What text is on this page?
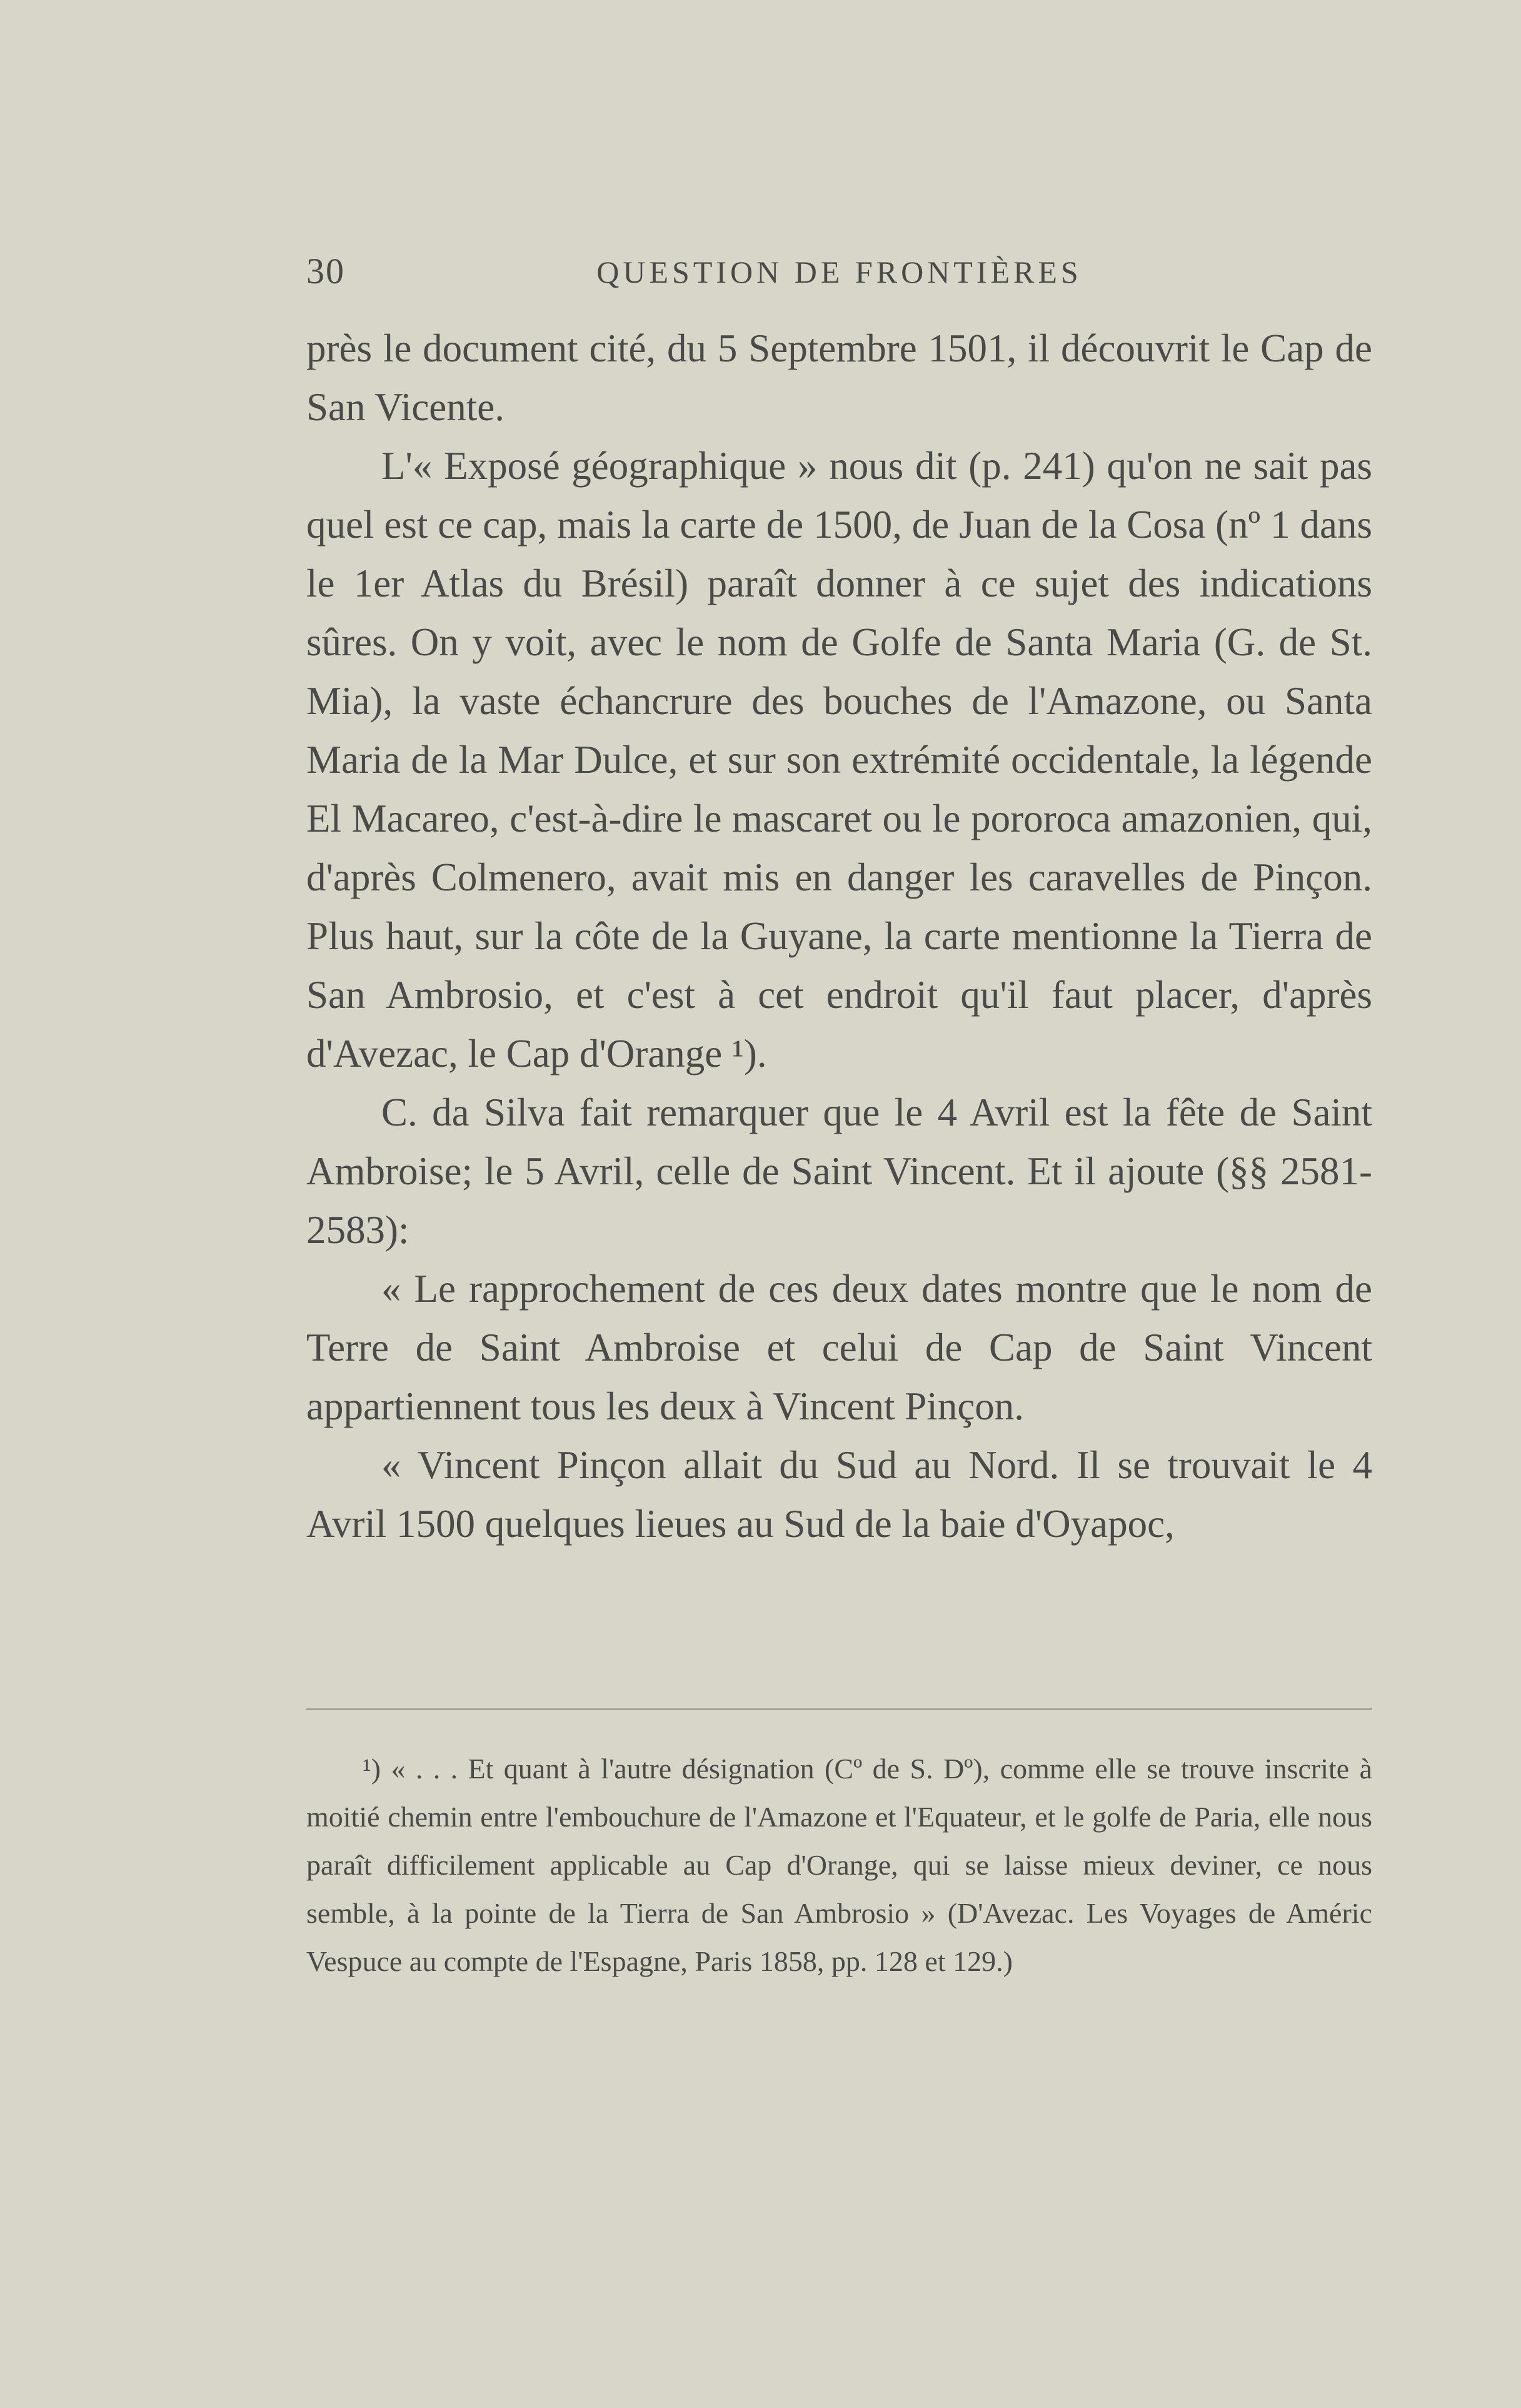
30	QUESTION DE FRONTIÈRES

près le document cité, du 5 Septembre 1501, il découvrit le Cap de San Vicente.

L'« Exposé géographique » nous dit (p. 241) qu'on ne sait pas quel est ce cap, mais la carte de 1500, de Juan de la Cosa (nº 1 dans le 1er Atlas du Brésil) paraît donner à ce sujet des indications sûres. On y voit, avec le nom de Golfe de Santa Maria (G. de St. Mia), la vaste échancrure des bouches de l'Amazone, ou Santa Maria de la Mar Dulce, et sur son extrémité occidentale, la légende El Macareo, c'est-à-dire le mascaret ou le pororoca amazonien, qui, d'après Colmenero, avait mis en danger les caravelles de Pinçon. Plus haut, sur la côte de la Guyane, la carte mentionne la Tierra de San Ambrosio, et c'est à cet endroit qu'il faut placer, d'après d'Avezac, le Cap d'Orange ¹).

C. da Silva fait remarquer que le 4 Avril est la fête de Saint Ambroise; le 5 Avril, celle de Saint Vincent. Et il ajoute (§§ 2581-2583):

« Le rapprochement de ces deux dates montre que le nom de Terre de Saint Ambroise et celui de Cap de Saint Vincent appartiennent tous les deux à Vincent Pinçon.

« Vincent Pinçon allait du Sud au Nord. Il se trouvait le 4 Avril 1500 quelques lieues au Sud de la baie d'Oyapoc,

¹) « . . . Et quant à l'autre désignation (Cº de S. Dº), comme elle se trouve inscrite à moitié chemin entre l'embouchure de l'Amazone et l'Equateur, et le golfe de Paria, elle nous paraît difficilement applicable au Cap d'Orange, qui se laisse mieux deviner, ce nous semble, à la pointe de la Tierra de San Ambrosio » (D'Avezac. Les Voyages de Améric Vespuce au compte de l'Espagne, Paris 1858, pp. 128 et 129.)
